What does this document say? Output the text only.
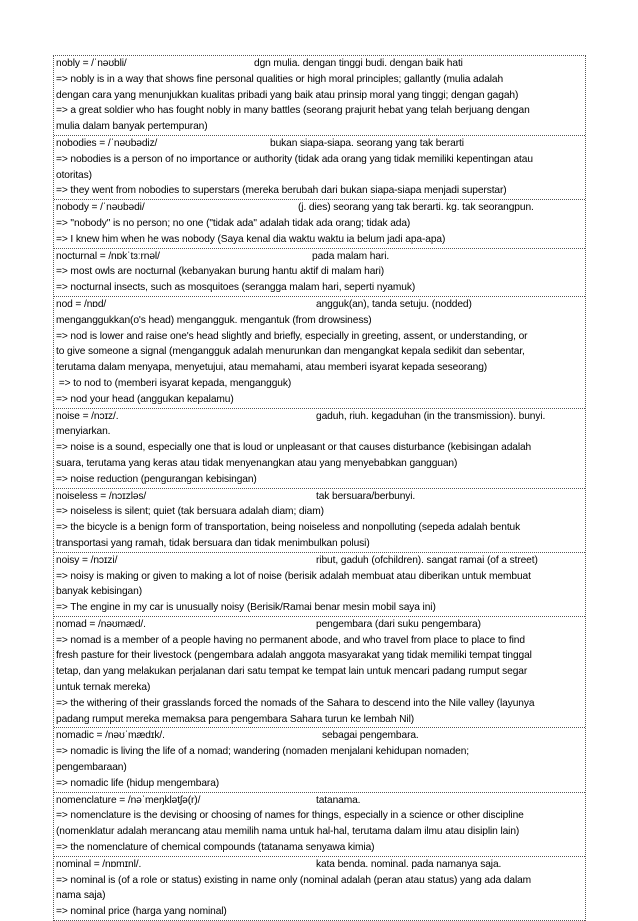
nobly = /ˈnəʊbli/	dgn mulia. dengan tinggi budi. dengan baik hati
=> nobly is in a way that shows fine personal qualities or high moral principles; gallantly (mulia adalah
dengan cara yang menunjukkan kualitas pribadi yang baik atau prinsip moral yang tinggi; dengan gagah)
=> a great soldier who has fought nobly in many battles (seorang prajurit hebat yang telah berjuang dengan
mulia dalam banyak pertempuran)
nobodies = /ˈnəʊbədiz/	bukan siapa-siapa. seorang yang tak berarti
=> nobodies is a person of no importance or authority (tidak ada orang yang tidak memiliki kepentingan atau
otoritas)
=> they went from nobodies to superstars (mereka berubah dari bukan siapa-siapa menjadi superstar)
nobody = /ˈnəʊbədi/	(j. dies) seorang yang tak berarti. kg. tak seorangpun.
=> "nobody" is no person; no one ("tidak ada" adalah tidak ada orang; tidak ada)
=> I knew him when he was nobody (Saya kenal dia waktu waktu ia belum jadi apa-apa)
nocturnal = /nɒkˈtɜːrnəl/	pada malam hari.
=> most owls are nocturnal (kebanyakan burung hantu aktif di malam hari)
=> nocturnal insects, such as mosquitoes (serangga malam hari, seperti nyamuk)
nod = /nɒd/	angguk(an), tanda setuju. (nodded)
menganggukkan(o's head) mengangguk. mengantuk (from drowsiness)
=> nod is lower and raise one's head slightly and briefly, especially in greeting, assent, or understanding, or
to give someone a signal (mengangguk adalah menurunkan dan mengangkat kepala sedikit dan sebentar,
terutama dalam menyapa, menyetujui, atau memahami, atau memberi isyarat kepada seseorang)
=> to nod to (memberi isyarat kepada, mengangguk)
=> nod your head (anggukan kepalamu)
noise = /nɔɪz/.	gaduh, riuh. kegaduhan (in the transmission). bunyi.
menyiarkan.
=> noise is a sound, especially one that is loud or unpleasant or that causes disturbance (kebisingan adalah
suara, terutama yang keras atau tidak menyenangkan atau yang menyebabkan gangguan)
=> noise reduction (pengurangan kebisingan)
noiseless = /nɔɪzləs/	tak bersuara/berbunyi.
=> noiseless is silent; quiet (tak bersuara adalah diam; diam)
=> the bicycle is a benign form of transportation, being noiseless and nonpolluting (sepeda adalah bentuk
transportasi yang ramah, tidak bersuara dan tidak menimbulkan polusi)
noisy = /nɔɪzi/	ribut, gaduh (ofchildren). sangat ramai (of a street)
=> noisy is making or given to making a lot of noise (berisik adalah membuat atau diberikan untuk membuat
banyak kebisingan)
=> The engine in my car is unusually noisy (Berisik/Ramai benar mesin mobil saya ini)
nomad = /nəʊmæd/.	pengembara (dari suku pengembara)
=> nomad is a member of a people having no permanent abode, and who travel from place to place to find
fresh pasture for their livestock (pengembara adalah anggota masyarakat yang tidak memiliki tempat tinggal
tetap, dan yang melakukan perjalanan dari satu tempat ke tempat lain untuk mencari padang rumput segar
untuk ternak mereka)
=> the withering of their grasslands forced the nomads of the Sahara to descend into the Nile valley (layunya
padang rumput mereka memaksa para pengembara Sahara turun ke lembah Nil)
nomadic = /nəʊˈmædɪk/.	sebagai pengembara.
=> nomadic is living the life of a nomad; wandering (nomaden menjalani kehidupan nomaden;
pengembaraan)
=> nomadic life (hidup mengembara)
nomenclature = /nəˈmeŋklətʃə(r)/	tatanama.
=> nomenclature is the devising or choosing of names for things, especially in a science or other discipline
(nomenklatur adalah merancang atau memilih nama untuk hal-hal, terutama dalam ilmu atau disiplin lain)
=> the nomenclature of chemical compounds (tatanama senyawa kimia)
nominal = /nɒmɪnl/.	kata benda. nominal. pada namanya saja.
=> nominal is (of a role or status) existing in name only (nominal adalah (peran atau status) yang ada dalam
nama saja)
=> nominal price (harga yang nominal)
